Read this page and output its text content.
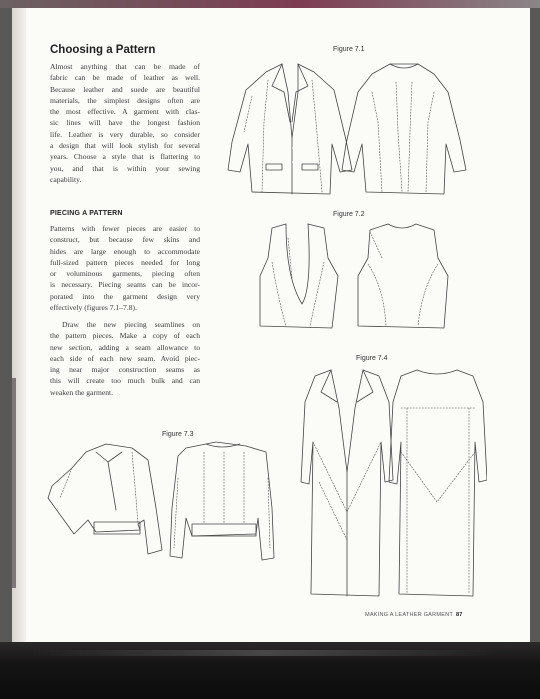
Choosing a Pattern
Almost anything that can be made of
fabric can be made of leather as well.
Because leather and suede are beautiful
materials, the simplest designs often are
the most effective. A garment with clas-
sic lines will have the longest fashion
life. Leather is very durable, so consider
a design that will look stylish for several
years. Choose a style that is flattering to
you, and that is within your sewing
capability.
PIECING A PATTERN
Patterns with fewer pieces are easier to
construct, but because few skins and
hides are large enough to accommodate
full-sized pattern pieces needed for long
or voluminous garments, piecing often
is necessary. Piecing seams can be incor-
porated into the garment design very
effectively (figures 7.1–7.8).
Draw the new piecing seamlines on
the pattern pieces. Make a copy of each
new section, adding a seam allowance to
each side of each new seam. Avoid piec-
ing near major construction seams as
this will create too much bulk and can
weaken the garment.
Figure 7.1
Figure 7.2
Figure 7.4
Figure 7.3
MAKING A LEATHER GARMENT 87
